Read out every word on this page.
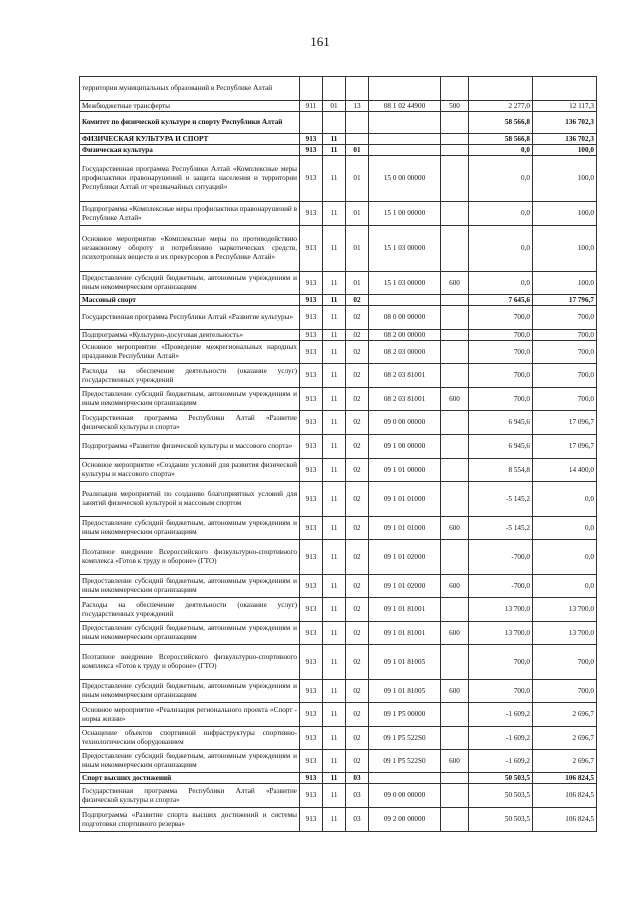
161
территории муниципальных образований в Республике Алтай							
Межбюджетные трансферты	911	01	13	08 1 02 44900	500	2 277,0	12 117,3
Комитет по физической культуре и спорту Республики Алтай						58 566,8	136 702,3
ФИЗИЧЕСКАЯ КУЛЬТУРА И СПОРТ	913	11				58 566,8	136 702,3
Физическая культура	913	11	01			0,0	100,0
Государственная программа Республики Алтай «Комплексные меры профилактики правонарушений и защита населения и территории Республики Алтай от чрезвычайных ситуаций»	913	11	01	15 0 00 00000		0,0	100,0
Подпрограмма «Комплексные меры профилактики правонарушений в Республике Алтай»	913	11	01	15 1 00 00000		0,0	100,0
Основное мероприятие «Комплексные меры по противодействию незаконному обороту и потреблению наркотических средств, психотропных веществ и их прекурсоров в Республике Алтай»	913	11	01	15 1 03 00000		0,0	100,0
Предоставление субсидий бюджетным, автономным учреждениям и иным некоммерческим организациям	913	11	01	15 1 03 00000	600	0,0	100,0
Массовый спорт	913	11	02			7 645,6	17 796,7
Государственная программа Республики Алтай «Развитие культуры»	913	11	02	08 0 00 00000		700,0	700,0
Подпрограмма «Культурно-досуговая деятельность»	913	11	02	08 2 00 00000		700,0	700,0
Основное мероприятие «Проведение межрегиональных народных праздников Республики Алтай»	913	11	02	08 2 03 00000		700,0	700,0
Расходы на обеспечение деятельности (оказание услуг) государственных учреждений	913	11	02	08 2 03 81001		700,0	700,0
Предоставление субсидий бюджетным, автономным учреждениям и иным некоммерческим организациям	913	11	02	08 2 03 81001	600	700,0	700,0
Государственная программа Республики Алтай «Развитие физической культуры и спорта»	913	11	02	09 0 00 00000		6 945,6	17 096,7
Подпрограмма «Развитие физической культуры и массового спорта»	913	11	02	09 1 00 00000		6 945,6	17 096,7
Основное мероприятие «Создание условий для развития физической культуры и массового спорта»	913	11	02	09 1 01 00000		8 554,8	14 400,0
Реализация мероприятий по созданию благоприятных условий для занятий физической культурой и массовым спортом	913	11	02	09 1 01 01000		-5 145,2	0,0
Предоставление субсидий бюджетным, автономным учреждениям и иным некоммерческим организациям	913	11	02	09 1 01 01000	600	-5 145,2	0,0
Поэтапное внедрение Всероссийского физкультурно-спортивного комплекса «Готов к труду и обороне» (ГТО)	913	11	02	09 1 01 02000		-700,0	0,0
Предоставление субсидий бюджетным, автономным учреждениям и иным некоммерческим организациям	913	11	02	09 1 01 02000	600	-700,0	0,0
Расходы на обеспечение деятельности (оказание услуг) государственных учреждений	913	11	02	09 1 01 81001		13 700,0	13 700,0
Предоставление субсидий бюджетным, автономным учреждениям и иным некоммерческим организациям	913	11	02	09 1 01 81001	600	13 700,0	13 700,0
Поэтапное внедрение Всероссийского физкультурно-спортивного комплекса «Готов к труду и обороне» (ГТО)	913	11	02	09 1 01 81005		700,0	700,0
Предоставление субсидий бюджетным, автономным учреждениям и иным некоммерческим организациям	913	11	02	09 1 01 81005	600	700,0	700,0
Основное мероприятие «Реализация регионального проекта «Спорт - норма жизни»	913	11	02	09 1 P5 00000		-1 609,2	2 696,7
Оснащение объектов спортивной инфраструктуры спортивно-технологическим оборудованием	913	11	02	09 1 P5 522S0		-1 609,2	2 696,7
Предоставление субсидий бюджетным, автономным учреждениям и иным некоммерческим организациям	913	11	02	09 1 P5 522S0	600	-1 609,2	2 696,7
Спорт высших достижений	913	11	03			50 503,5	106 824,5
Государственная программа Республики Алтай «Развитие физической культуры и спорта»	913	11	03	09 0 00 00000		50 503,5	106 824,5
Подпрограмма «Развитие спорта высших достижений и системы подготовки спортивного резерва»	913	11	03	09 2 00 00000		50 503,5	106 824,5
